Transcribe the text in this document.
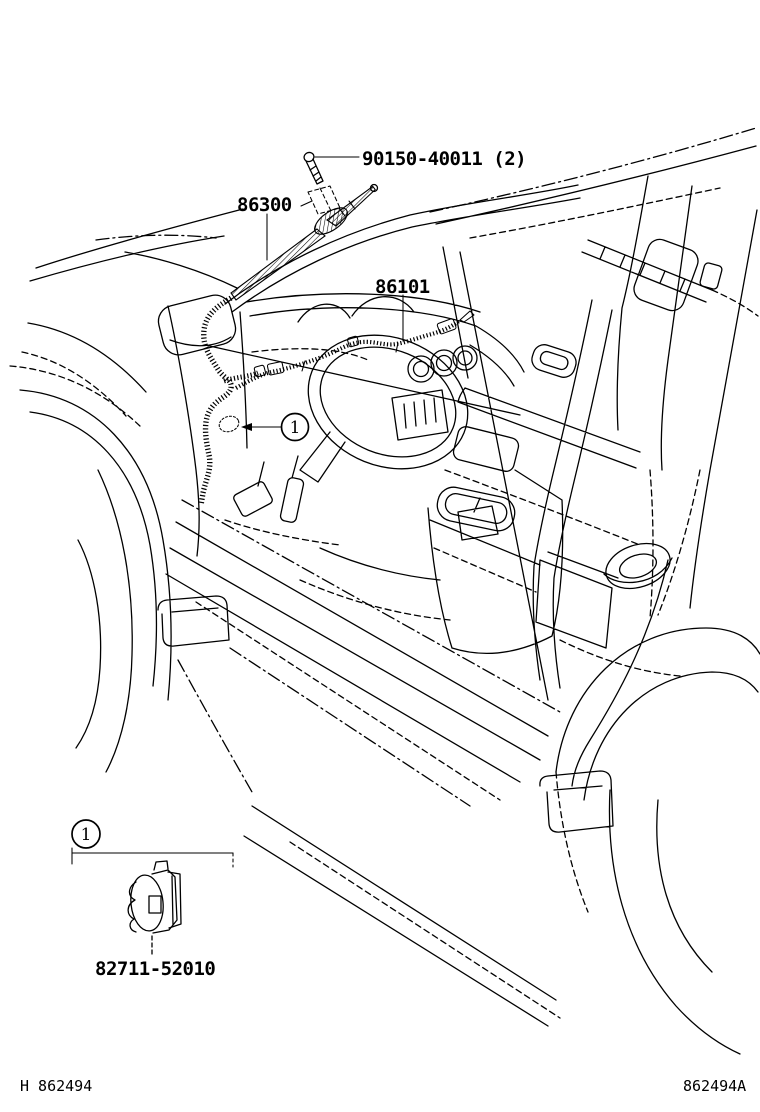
1
90150-40011 (2)
86300
86101
1
82711-52010
H 862494	862494A
